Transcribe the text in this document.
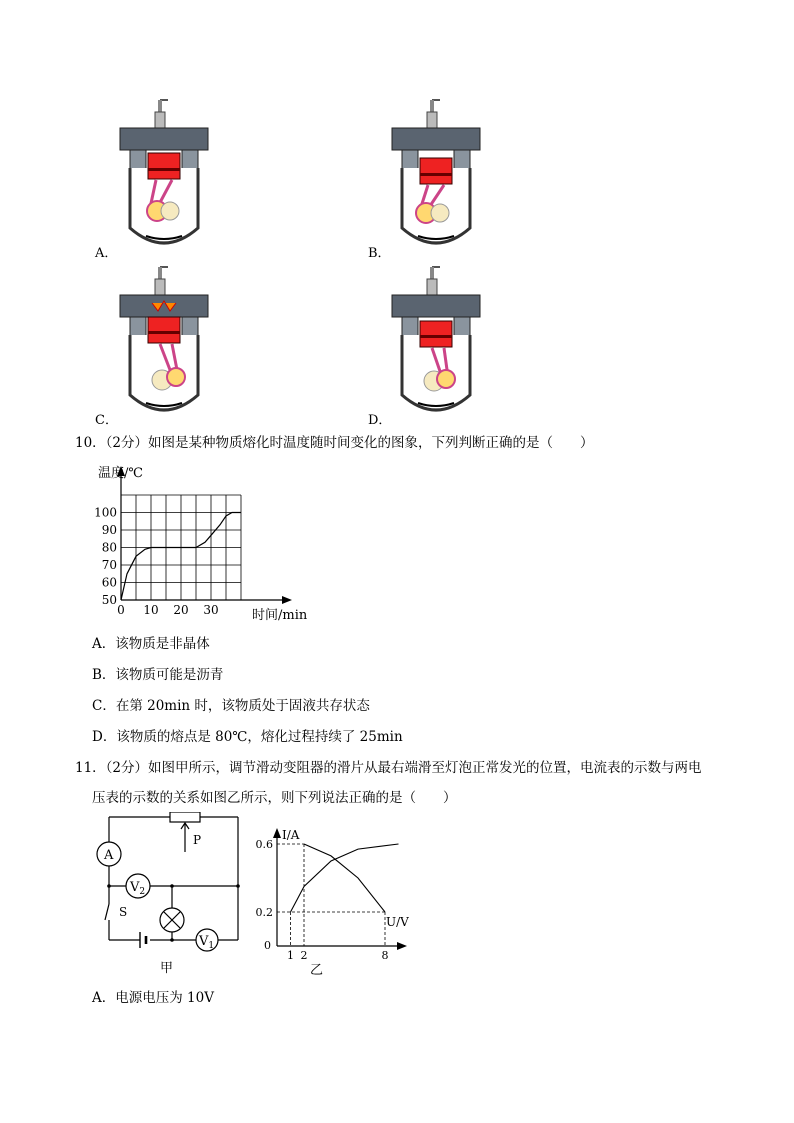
A．	B．
C．	D．
10．（2分）如图是某种物质熔化时温度随时间变化的图象，下列判断正确的是（　　）
温度/℃
时间/min
50
60
70
80
90
100
0 10 20 30
A．该物质是非晶体
B．该物质可能是沥青
C．在第 20min 时，该物质处于固液共存状态
D．该物质的熔点是 80℃，熔化过程持续了 25min
11．（2分）如图甲所示，调节滑动变阻器的滑片从最右端滑至灯泡正常发光的位置，电流表的示数与两电
压表的示数的关系如图乙所示，则下列说法正确的是（　　）
P
A
$V_2$
S
$V_1$
甲
I/A
U/V
0
1 2	8
0.2
0.6
乙
A．电源电压为 10V
